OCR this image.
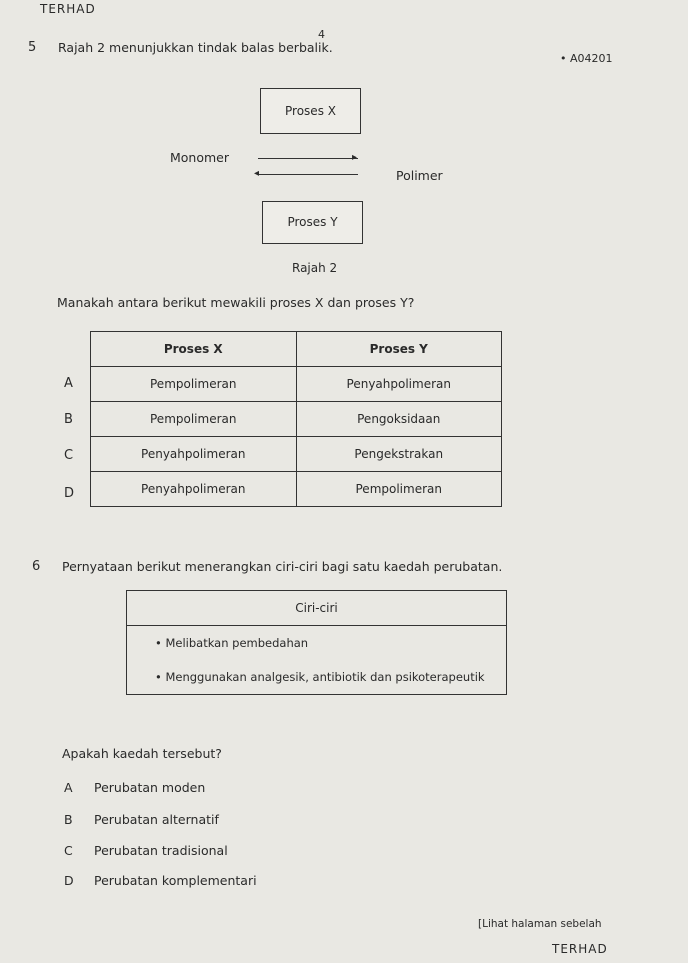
TERHAD
4
• A04201
5 Rajah 2 menunjukkan tindak balas berbalik.
Proses X
Monomer	▸
◂	Polimer
Proses Y
Rajah 2
Manakah antara berikut mewakili proses X dan proses Y?
Proses X	Proses Y
Pempolimeran	Penyahpolimeran
Pempolimeran	Pengoksidaan
Penyahpolimeran	Pengekstrakan
Penyahpolimeran	Pempolimeran
A
B
C
D
6 Pernyataan berikut menerangkan ciri-ciri bagi satu kaedah perubatan.
Ciri-ciri
• Melibatkan pembedahan
• Menggunakan analgesik, antibiotik dan psikoterapeutik
Apakah kaedah tersebut?
A Perubatan moden
B Perubatan alternatif
C Perubatan tradisional
D Perubatan komplementari
[Lihat halaman sebelah
TERHAD
